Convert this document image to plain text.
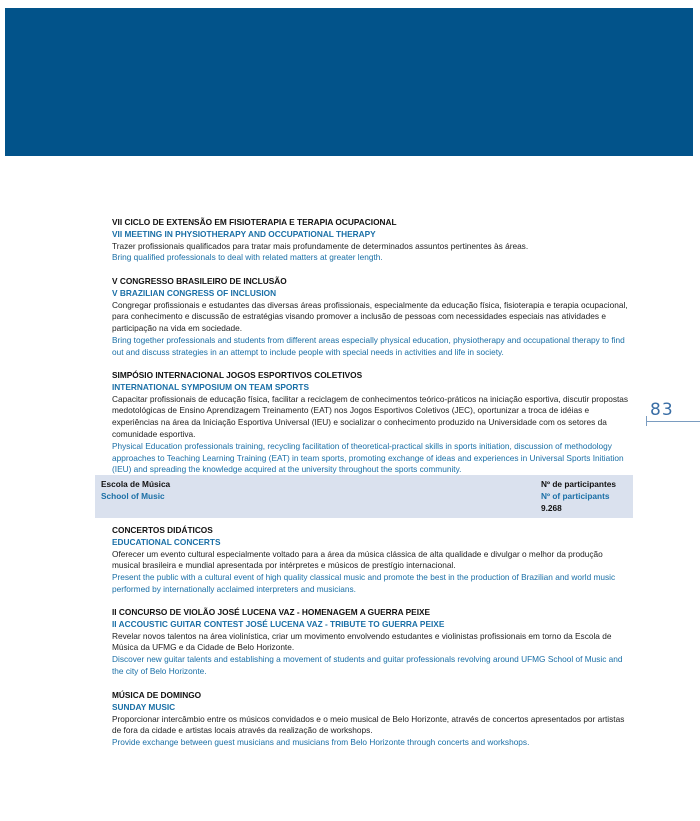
83
VII CICLO DE EXTENSÃO EM FISIOTERAPIA E TERAPIA OCUPACIONAL
VII MEETING IN PHYSIOTHERAPY AND OCCUPATIONAL THERAPY
Trazer profissionais qualificados para tratar mais profundamente de determinados assuntos pertinentes às áreas.
Bring qualified professionals to deal with related matters at greater length.
V CONGRESSO BRASILEIRO DE INCLUSÃO
V BRAZILIAN CONGRESS OF INCLUSION
Congregar profissionais e estudantes das diversas áreas profissionais, especialmente da educação física, fisioterapia e terapia ocupacional, para conhecimento e discussão de estratégias visando promover a inclusão de pessoas com necessidades especiais nas atividades e participação na vida em sociedade.
Bring together professionals and students from different areas especially physical education, physiotherapy and occupational therapy to find out and discuss strategies in an attempt to include people with special needs in activities and life in society.
SIMPÓSIO INTERNACIONAL JOGOS ESPORTIVOS COLETIVOS
INTERNATIONAL SYMPOSIUM ON TEAM SPORTS
Capacitar profissionais de educação física, facilitar a reciclagem de conhecimentos teórico-práticos na iniciação esportiva, discutir propostas medotológicas de Ensino Aprendizagem Treinamento (EAT) nos Jogos Esportivos Coletivos (JEC), oportunizar a troca de idéias e experiências na área da Iniciação Esportiva Universal (IEU) e socializar o conhecimento produzido na Universidade com os setores da comunidade esportiva.
Physical Education professionals training, recycling facilitation of theoretical-practical skills in sports initiation, discussion of methodology approaches to Teaching Learning Training (EAT) in team sports, promoting exchange of ideas and experiences in Universal Sports Initiation (IEU) and spreading the knowledge acquired at the university throughout the sports community.
Escola de Música
School of Music
Nº de participantes
Nº of participants
9.268
CONCERTOS DIDÁTICOS
EDUCATIONAL CONCERTS
Oferecer um evento cultural especialmente voltado para a área da música clássica de alta qualidade e divulgar o melhor da produção musical brasileira e mundial apresentada por intérpretes e músicos de prestígio internacional.
Present the public with a cultural event of high quality classical music and promote the best in the production of Brazilian and world music performed by internationally acclaimed interpreters and musicians.
II CONCURSO DE VIOLÃO JOSÉ LUCENA VAZ - HOMENAGEM A GUERRA PEIXE
II ACCOUSTIC GUITAR CONTEST JOSÉ LUCENA VAZ - TRIBUTE TO GUERRA PEIXE
Revelar novos talentos na área violinística, criar um movimento envolvendo estudantes e violinistas profissionais em torno da Escola de Música da UFMG e da Cidade de Belo Horizonte.
Discover new guitar talents and establishing a movement of students and guitar professionals revolving around UFMG School of Music and the city of Belo Horizonte.
MÚSICA DE DOMINGO
SUNDAY MUSIC
Proporcionar intercâmbio entre os músicos convidados e o meio musical de Belo Horizonte, através de concertos apresentados por artistas de fora da cidade e artistas locais através da realização de workshops.
Provide exchange between guest musicians and musicians from Belo Horizonte through concerts and workshops.
